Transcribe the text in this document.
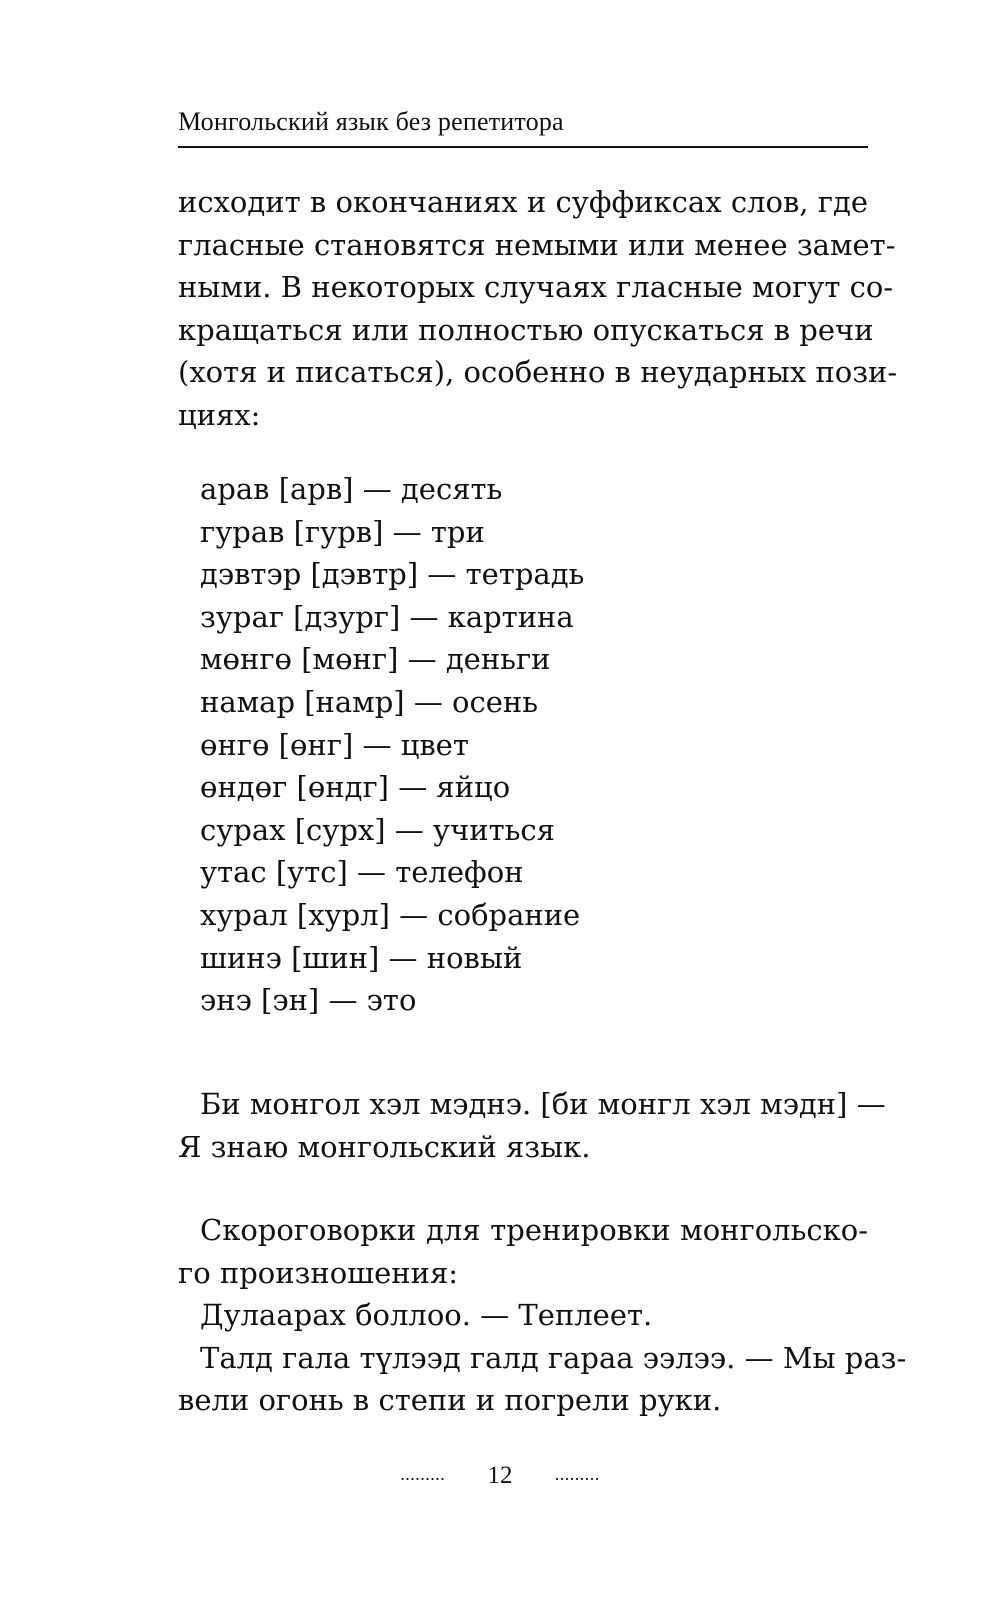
Монгольский язык без репетитора
исходит в окончаниях и суффиксах слов, где
гласные становятся немыми или менее замет-
ными. В некоторых случаях гласные могут со-
кращаться или полностью опускаться в речи
(хотя и писаться), особенно в неударных пози-
циях:
арав [арв] — десять
гурав [гурв] — три
дэвтэр [дэвтр] — тетрадь
зураг [дзург] — картина
мөнгө [мөнг] — деньги
намар [намр] — осень
өнгө [өнг] — цвет
өндөг [өндг] — яйцо
сурах [сурх] — учиться
утас [утс] — телефон
хурал [хурл] — собрание
шинэ [шин] — новый
энэ [эн] — это
Би монгол хэл мэднэ. [би монгл хэл мэдн] —
Я знаю монгольский язык.
Скороговорки для тренировки монгольско-
го произношения:
Дулаарах боллоо. — Теплеет.
Талд гала түлээд галд гараа ээлээ. — Мы раз-
вели огонь в степи и погрели руки.
......... 12 .........
